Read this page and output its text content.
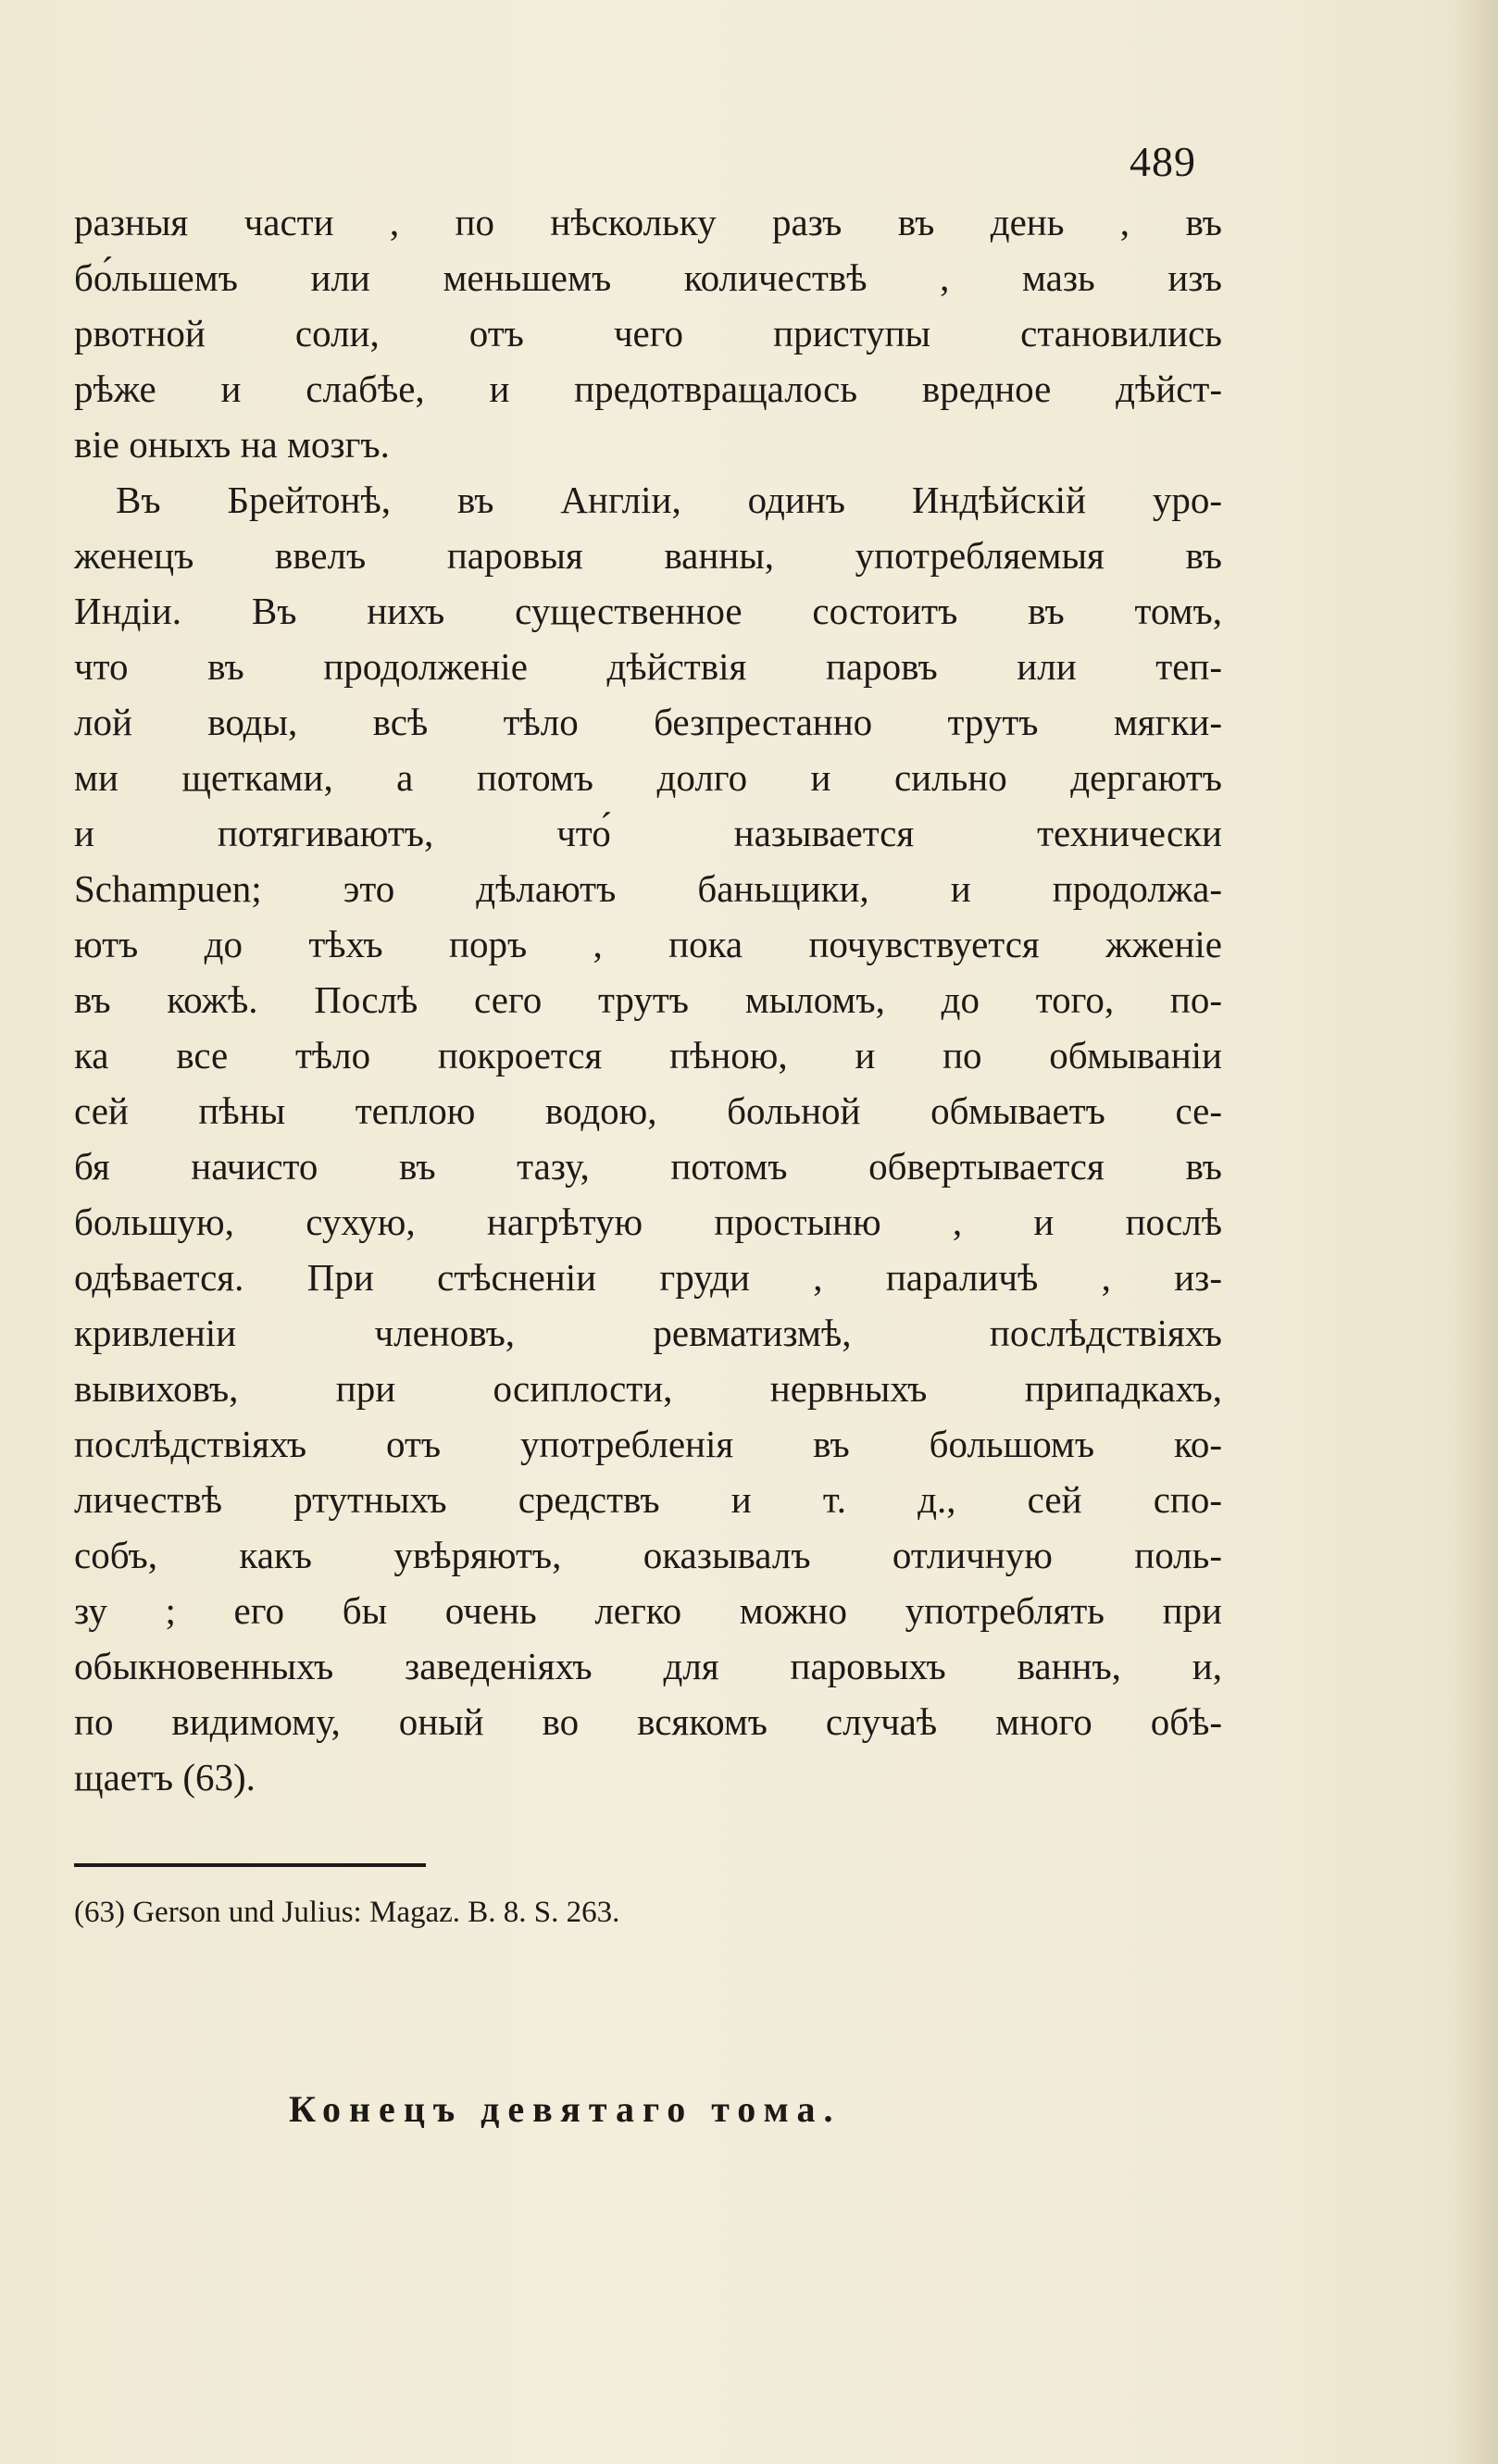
489
разныя части , по нѣскольку разъ въ день , въ
бо́льшемъ или меньшемъ количествѣ , мазь изъ
рвотной соли, отъ чего приступы становились
рѣже и слабѣе, и предотвращалось вредное дѣйст-
віе оныхъ на мозгъ.
Въ Брейтонѣ, въ Англіи, одинъ Индѣйскій уро-
женецъ ввелъ паровыя ванны, употребляемыя въ
Индіи. Въ нихъ существенное состоитъ въ томъ,
что въ продолженіе дѣйствія паровъ или теп-
лой воды, всѣ тѣло безпрестанно трутъ мягки-
ми щетками, а потомъ долго и сильно дергаютъ
и потягиваютъ, что́ называется технически
Schampuen; это дѣлаютъ баньщики, и продолжа-
ютъ до тѣхъ поръ , пока почувствуется жженіе
въ кожѣ. Послѣ сего трутъ мыломъ, до того, по-
ка все тѣло покроется пѣною, и по обмываніи
сей пѣны теплою водою, больной обмываетъ се-
бя начисто въ тазу, потомъ обвертывается въ
большую, сухую, нагрѣтую простыню , и послѣ
одѣвается. При стѣсненіи груди , параличѣ , из-
кривленіи членовъ, ревматизмѣ, послѣдствіяхъ
вывиховъ, при осиплости, нервныхъ припадкахъ,
послѣдствіяхъ отъ употребленія въ большомъ ко-
личествѣ ртутныхъ средствъ и т. д., сей спо-
собъ, какъ увѣряютъ, оказывалъ отличную поль-
зу ; его бы очень легко можно употреблять при
обыкновенныхъ заведеніяхъ для паровыхъ ваннъ, и,
по видимому, оный во всякомъ случаѣ много обѣ-
щаетъ (63).
(63) Gerson und Julius: Magaz. B. 8. S. 263.
Конецъ девятаго тома.
